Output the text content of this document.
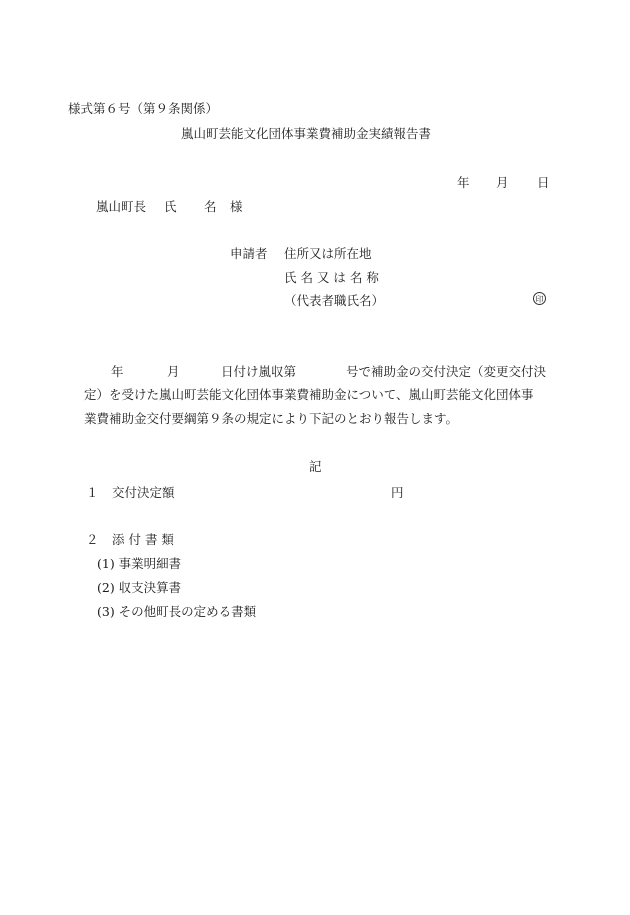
様式第６号（第９条関係）
嵐山町芸能文化団体事業費補助金実績報告書
年 月 日
嵐山町長 氏 名 様
申請者 住所又は所在地
氏 名 又 は 名 称
（代表者職氏名）	印
年	月	日付け嵐収第	号で補助金の交付決定（変更交付決
定）を受けた嵐山町芸能文化団体事業費補助金について、嵐山町芸能文化団体事
業費補助金交付要綱第９条の規定により下記のとおり報告します。
記
１ 交付決定額	円
２ 添 付 書 類
(1) 事業明細書
(2) 収支決算書
(3) その他町長の定める書類
